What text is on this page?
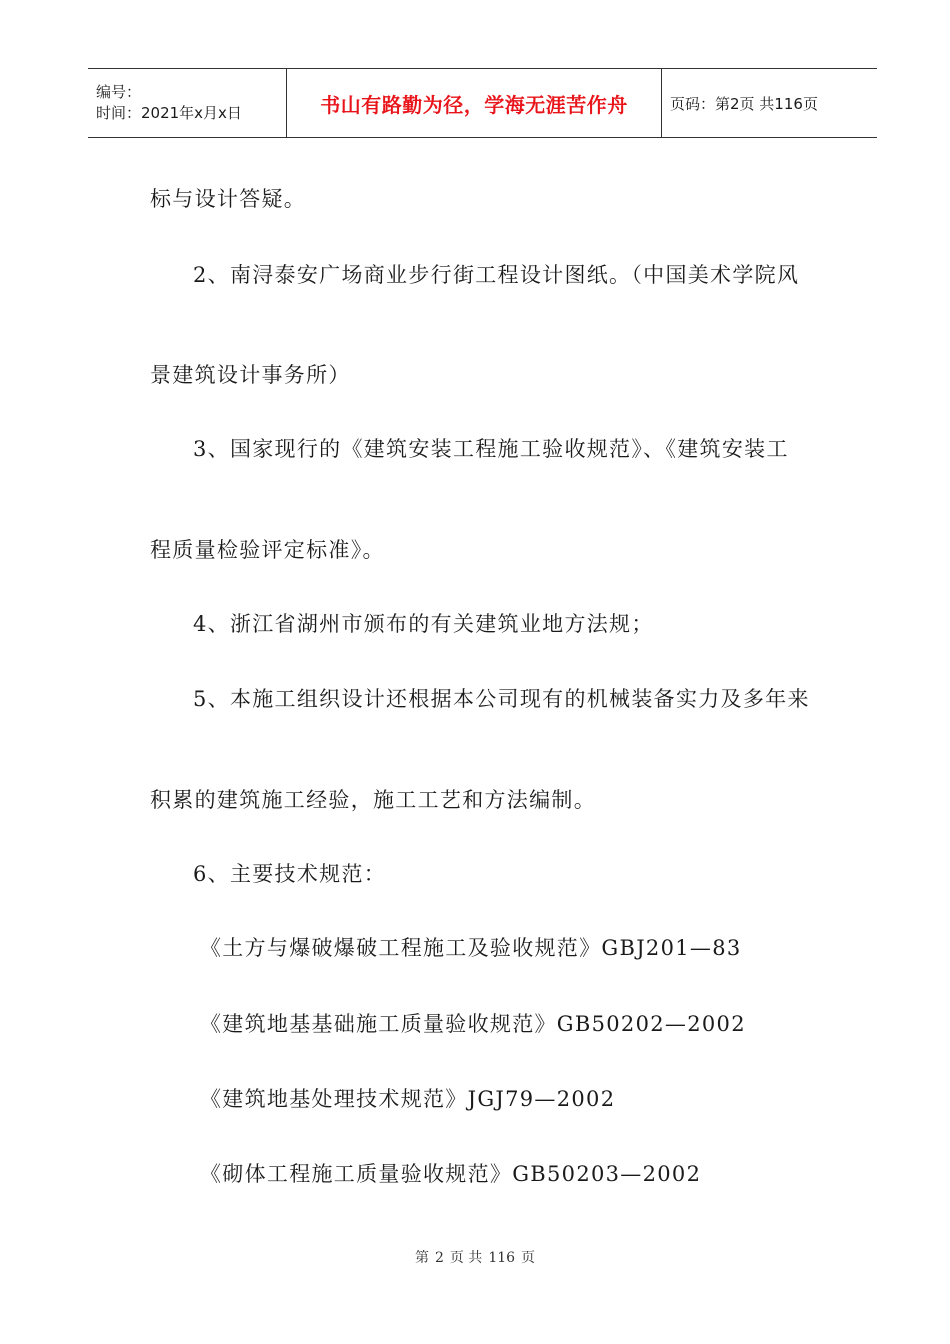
编号：
时间：2021年x月x日	书山有路勤为径，学海无涯苦作舟	页码：第2页 共116页
标与设计答疑。
2、南浔泰安广场商业步行街工程设计图纸。（中国美术学院风
景建筑设计事务所）
3、国家现行的《建筑安装工程施工验收规范》、《建筑安装工
程质量检验评定标准》。
4、浙江省湖州市颁布的有关建筑业地方法规；
5、本施工组织设计还根据本公司现有的机械装备实力及多年来
积累的建筑施工经验，施工工艺和方法编制。
6、主要技术规范：
《土方与爆破爆破工程施工及验收规范》GBJ201—83
《建筑地基基础施工质量验收规范》GB50202—2002
《建筑地基处理技术规范》JGJ79—2002
《砌体工程施工质量验收规范》GB50203—2002
第 2 页 共 116 页
